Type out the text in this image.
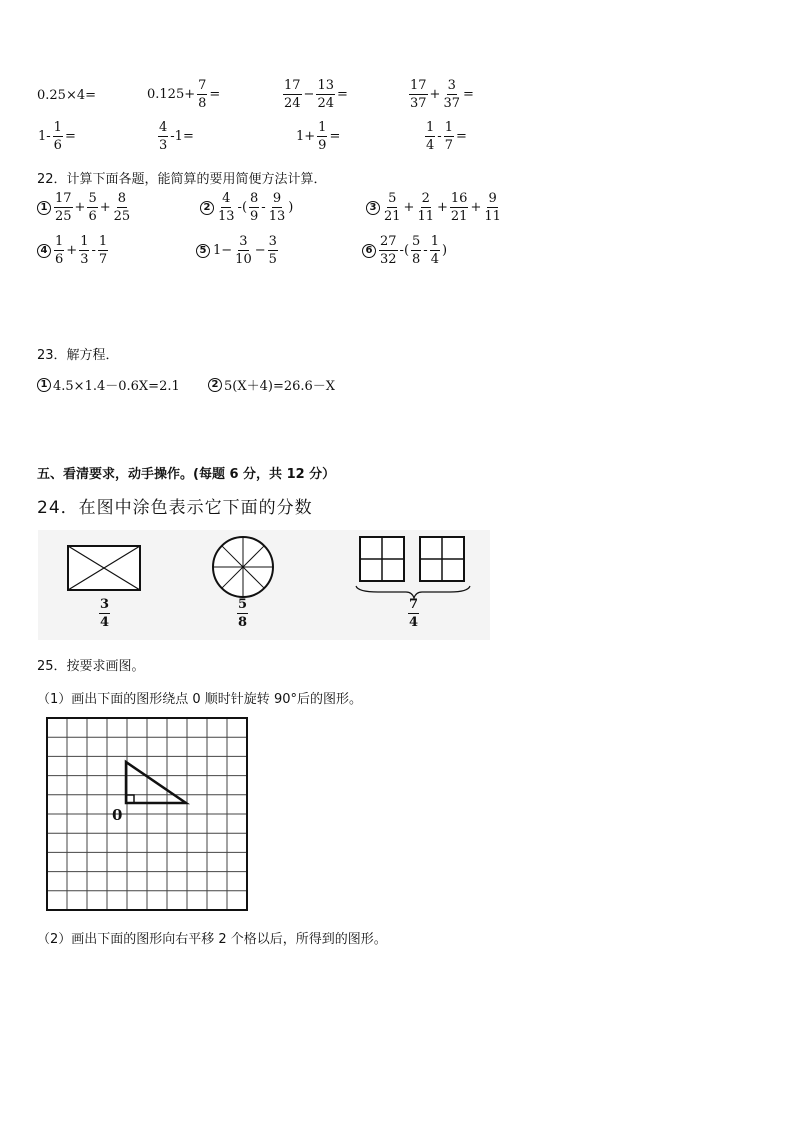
0.25×4=	$0.125+ \frac{7}{8}$ =	$\frac{17}{24} - \frac{13}{24}$ =	$\frac{17}{37} + \frac{3}{37}$ =
$1- \frac{1}{6}$ =	$\frac{4}{3} -1=$	$1+ \frac{1}{9}$ =	$\frac{1}{4} - \frac{1}{7}$ =
22．计算下面各题，能简算的要用简便方法计算．
$1 \frac{17}{25} + \frac{5}{6} + \frac{8}{25}$	$2 \frac{4}{13}$ -( $\frac{8}{9} - \frac{9}{13}$ )	$3 \frac{5}{21} + \frac{2}{11} + \frac{16}{21} + \frac{9}{11}$
$4 \frac{1}{6} + \frac{1}{3} - \frac{1}{7}$	5 $1- \frac{3}{10} - \frac{3}{5}$	$6 \frac{27}{32}$ -( $\frac{5}{8} - \frac{1}{4}$ )
23．解方程．
1 4.5×1.4－0.6X=2.1	2 5(X＋4)=26.6－X
五、看清要求，动手操作。(每题 6 分，共 12 分）
24．在图中涂色表示它下面的分数
$\frac{3}{4}$	$\frac{5}{8}$	$\frac{7}{4}$
25．按要求画图。
（1）画出下面的图形绕点 0 顺时针旋转 90°后的图形。
0
（2）画出下面的图形向右平移 2 个格以后，所得到的图形。
